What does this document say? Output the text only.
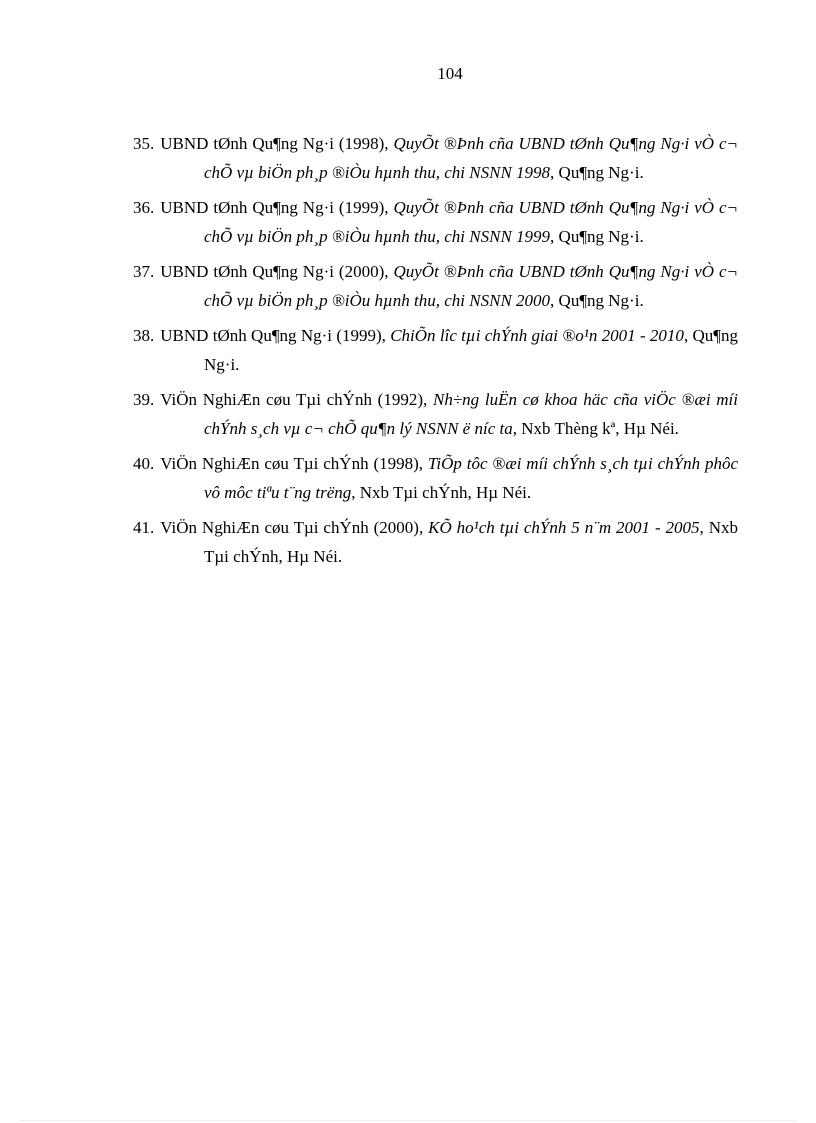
104
35. UBND tØnh Qu¶ng Ng·i (1998), QuyÕt ®Þnh cña UBND tØnh Qu¶ng Ng·i vÒ c¬ chÕ vµ biÖn ph¸p ®iÒu hµnh thu, chi NSNN 1998, Qu¶ng Ng·i.
36. UBND tØnh Qu¶ng Ng·i (1999), QuyÕt ®Þnh cña UBND tØnh Qu¶ng Ng·i vÒ c¬ chÕ vµ biÖn ph¸p ®iÒu hµnh thu, chi NSNN 1999, Qu¶ng Ng·i.
37. UBND tØnh Qu¶ng Ng·i (2000), QuyÕt ®Þnh cña UBND tØnh Qu¶ng Ng·i vÒ c¬ chÕ vµ biÖn ph¸p ®iÒu hµnh thu, chi NSNN 2000, Qu¶ng Ng·i.
38. UBND tØnh Qu¶ng Ng·i (1999), ChiÕn lîc tµi chÝnh giai ®o¹n 2001 - 2010, Qu¶ng Ng·i.
39. ViÖn NghiÆn cøu Tµi chÝnh (1992), Nh÷ng luËn cø khoa häc cña viÖc ®æi míi chÝnh s¸ch vµ c¬ chÕ qu¶n lý NSNN ë níc ta, Nxb Thèng kª, Hµ Néi.
40. ViÖn NghiÆn cøu Tµi chÝnh (1998), TiÕp tôc ®æi míi chÝnh s¸ch tµi chÝnh phôc vô môc tiªu t¨ng trëng, Nxb Tµi chÝnh, Hµ Néi.
41. ViÖn NghiÆn cøu Tµi chÝnh (2000), KÕ ho¹ch tµi chÝnh 5 n¨m 2001 - 2005, Nxb Tµi chÝnh, Hµ Néi.
